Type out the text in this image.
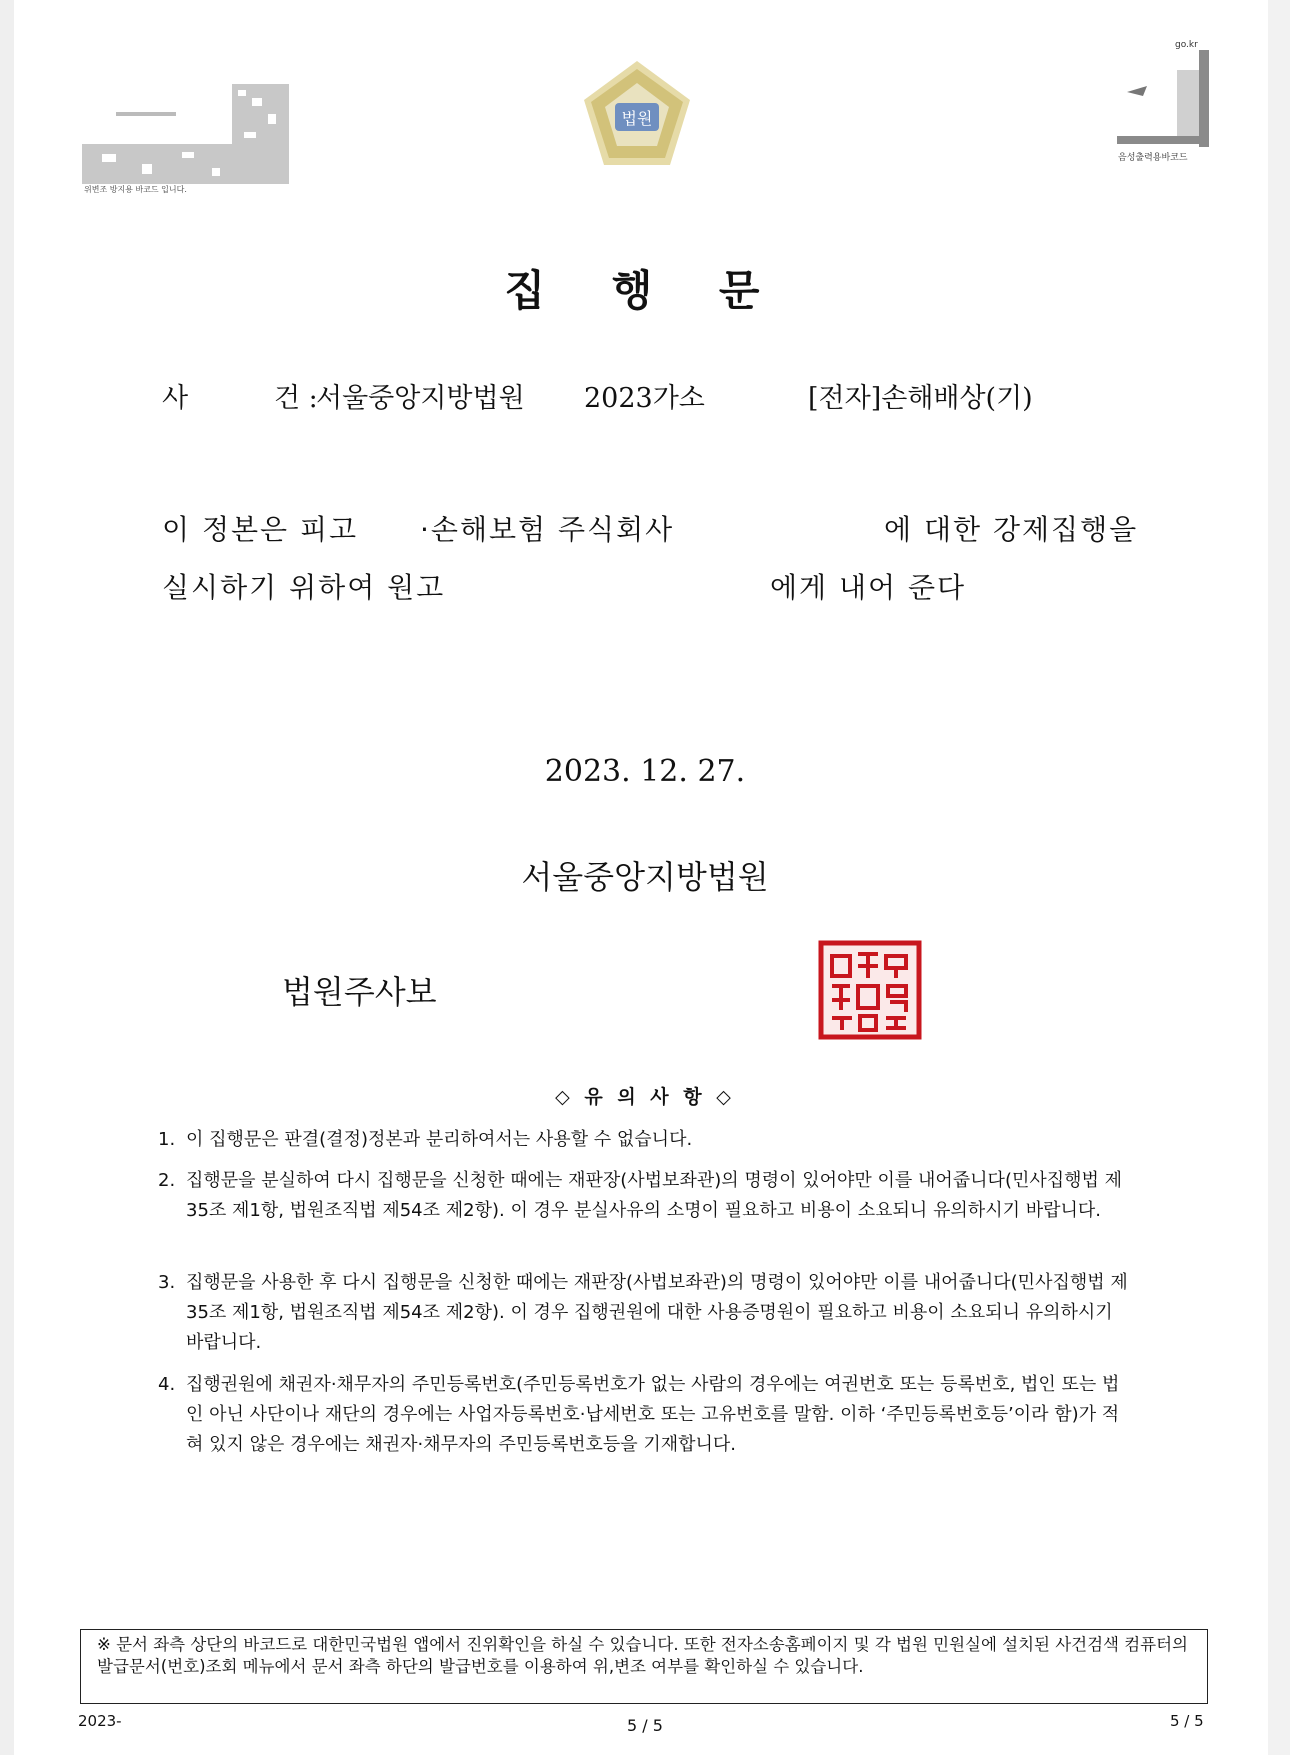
위변조 방지용 바코드 입니다.
go.kr
음성출력용바코드
법원
집 행 문
사	건 :
서울중앙지방법원 2023가소	[전자]손해배상(기)
이 정본은 피고 ·손해보험 주식회사	에 대한 강제집행을
실시하기 위하여 원고	에게 내어 준다
2023. 12. 27.
서울중앙지방법원
법원주사보
◇ 유 의 사 항 ◇
1. 이 집행문은 판결(결정)정본과 분리하여서는 사용할 수 없습니다.
2. 집행문을 분실하여 다시 집행문을 신청한 때에는 재판장(사법보좌관)의 명령이 있어야만 이를 내어줍니다(민사집행법 제35조 제1항, 법원조직법 제54조 제2항). 이 경우 분실사유의 소명이 필요하고 비용이 소요되니 유의하시기 바랍니다.
3. 집행문을 사용한 후 다시 집행문을 신청한 때에는 재판장(사법보좌관)의 명령이 있어야만 이를 내어줍니다(민사집행법 제35조 제1항, 법원조직법 제54조 제2항). 이 경우 집행권원에 대한 사용증명원이 필요하고 비용이 소요되니 유의하시기 바랍니다.
4. 집행권원에 채권자·채무자의 주민등록번호(주민등록번호가 없는 사람의 경우에는 여권번호 또는 등록번호, 법인 또는 법인 아닌 사단이나 재단의 경우에는 사업자등록번호·납세번호 또는 고유번호를 말함. 이하 ‘주민등록번호등’이라 함)가 적혀 있지 않은 경우에는 채권자·채무자의 주민등록번호등을 기재합니다.
※ 문서 좌측 상단의 바코드로 대한민국법원 앱에서 진위확인을 하실 수 있습니다. 또한 전자소송홈페이지 및 각 법원 민원실에 설치된 사건검색 컴퓨터의 발급문서(번호)조회 메뉴에서 문서 좌측 하단의 발급번호를 이용하여 위,변조 여부를 확인하실 수 있습니다.
2023-	5 / 5	5 / 5
